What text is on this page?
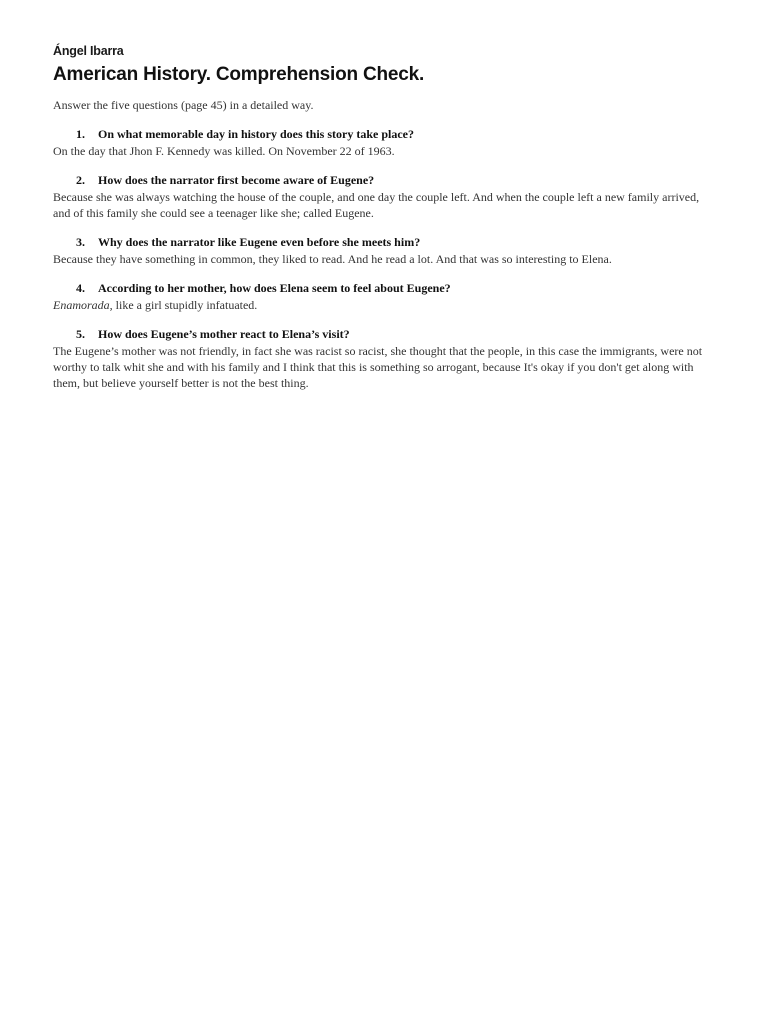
Ángel Ibarra
American History. Comprehension Check.
Answer the five questions (page 45) in a detailed way.
1.	On what memorable day in history does this story take place?

On the day that Jhon F. Kennedy was killed. On November 22 of 1963.

2.	How does the narrator first become aware of Eugene?

Because she was always watching the house of the couple, and one day the couple left. And when the couple left a new family arrived, and of this family she could see a teenager like she; called Eugene.

3.	Why does the narrator like Eugene even before she meets him?

Because they have something in common, they liked to read. And he read a lot. And that was so interesting to Elena.

4.	According to her mother, how does Elena seem to feel about Eugene?

Enamorada, like a girl stupidly infatuated.

5.	How does Eugene’s mother react to Elena’s visit?

The Eugene’s mother was not friendly, in fact she was racist so racist, she thought that the people, in this case the immigrants, were not worthy to talk whit she and with his family and I think that this is something so arrogant, because It's okay if you don't get along with them, but believe yourself better is not the best thing.
